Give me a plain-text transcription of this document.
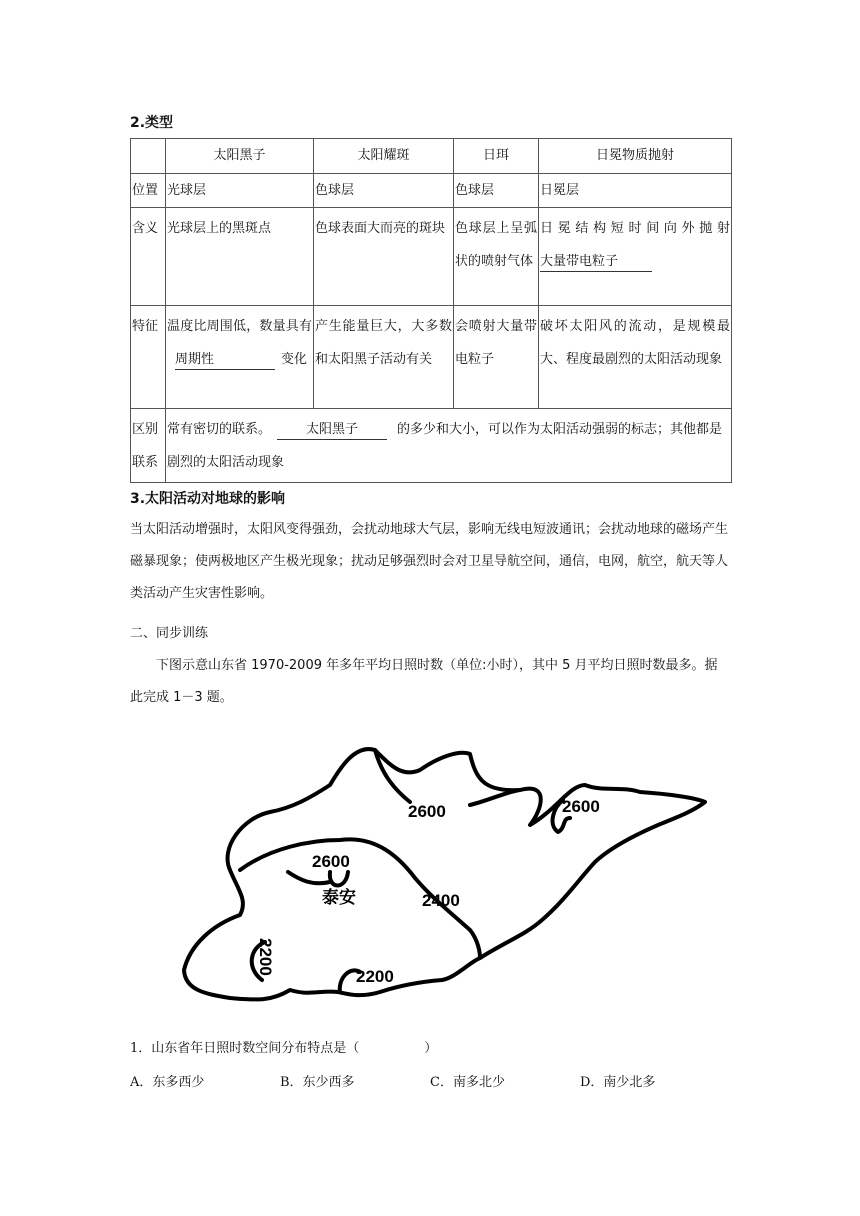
2.类型
	太阳黑子	太阳耀斑	日珥	日冕物质抛射
位置	光球层	色球层	色球层	日冕层
含义	光球层上的黑斑点	色球表面大而亮的斑块	色球层上呈弧状的喷射气体	日冕结构短时间向外抛射大量带电粒子
特征	温度比周围低，数量具有周期性 变化	产生能量巨大，大多数和太阳黑子活动有关	会喷射大量带电粒子	破坏太阳风的流动，是规模最大、程度最剧烈的太阳活动现象
区别联系	常有密切的联系。 太阳黑子 的多少和大小，可以作为太阳活动强弱的标志；其他都是剧烈的太阳活动现象			
3.太阳活动对地球的影响
当太阳活动增强时，太阳风变得强劲，会扰动地球大气层，影响无线电短波通讯；会扰动地球的磁场产生磁暴现象；使两极地区产生极光现象；扰动足够强烈时会对卫星导航空间，通信，电网，航空，航天等人类活动产生灾害性影响。
二、同步训练
下图示意山东省 1970-2009 年多年平均日照时数（单位:小时），其中 5 月平均日照时数最多。据此完成 1－3 题。
2600	2600
2600
泰安	2400
2200
2200
1．山东省年日照时数空间分布特点是（　　　　　）
A．东多西少	B．东少西多	C．南多北少	D．南少北多
